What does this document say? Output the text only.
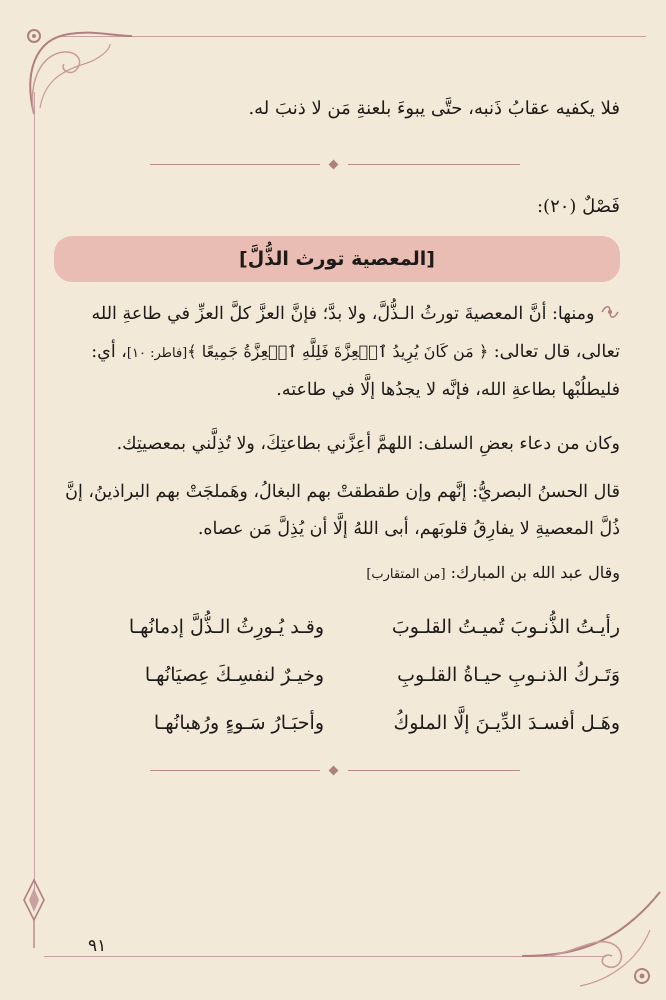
فلا يكفيه عقابُ ذَنبه، حتَّى يبوءَ بلعنةِ مَن لا ذنبَ له.
فَصْلٌ (٢٠):
[المعصية تورث الذُّلَّ]
ومنها: أنَّ المعصيةَ تورثُ الـذُّلَّ، ولا بدَّ؛ فإنَّ العزَّ كلَّ العزِّ في طاعةِ الله تعالى، قال تعالى: ﴿ مَن كَانَ يُرِيدُ ٱلۡعِزَّةَ فَلِلَّهِ ٱلۡعِزَّةُ جَمِيعًا ﴾[فاطر: ١٠]، أي: فليطلُبْها بطاعةِ الله، فإنَّه لا يجدُها إلَّا في طاعته.
وكان من دعاء بعضِ السلف: اللهمَّ أعِزَّني بطاعتِكَ، ولا تُذِلَّني بمعصيتِك.
قال الحسنُ البصريُّ: إنَّهم وإن طقطقتْ بهم البغالُ، وهَملجَتْ بهم البراذينُ، إنَّ ذُلَّ المعصيةِ لا يفارِقُ قلوبَهم، أبى اللهُ إلَّا أن يُذِلَّ مَن عصاه.
وقال عبد الله بن المبارك: [من المتقارب]
رأيـتُ الذُّنـوبَ تُميـتُ القلـوبَ
وقـد يُـورِثُ الـذُّلَّ إدمانُهـا
وَتَـركُ الذنـوبِ حيـاةُ القلـوبِ
وخيـرٌ لنفسِـكَ عِصيَانُهـا
وهَـل أفسـدَ الدِّيـنَ إلَّا الملوكُ
وأحبَـارُ سَـوءٍ ورُهبانُهـا
٩١
